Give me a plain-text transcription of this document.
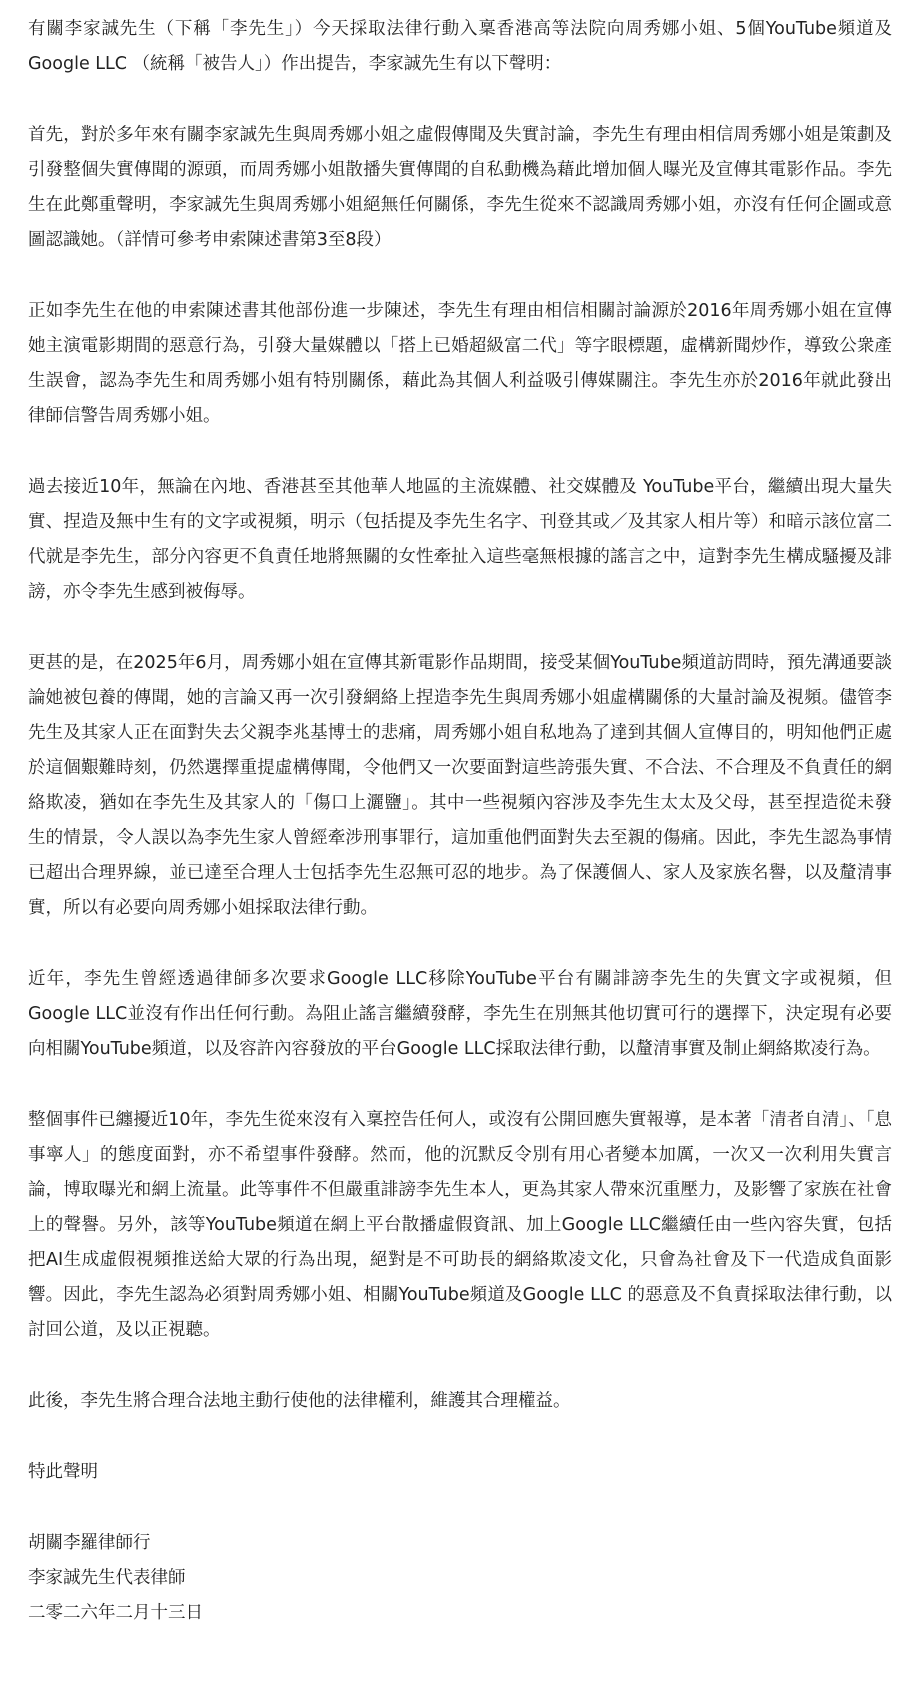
有關李家誠先生（下稱「李先生」）今天採取法律行動入稟香港高等法院向周秀娜小姐、5個YouTube頻道及Google LLC （統稱「被告人」）作出提告，李家誠先生有以下聲明：

首先，對於多年來有關李家誠先生與周秀娜小姐之虛假傳聞及失實討論，李先生有理由相信周秀娜小姐是策劃及引發整個失實傳聞的源頭，而周秀娜小姐散播失實傳聞的自私動機為藉此增加個人曝光及宣傳其電影作品。李先生在此鄭重聲明，李家誠先生與周秀娜小姐絕無任何關係，李先生從來不認識周秀娜小姐，亦沒有任何企圖或意圖認識她。（詳情可參考申索陳述書第3至8段）

正如李先生在他的申索陳述書其他部份進一步陳述，李先生有理由相信相關討論源於2016年周秀娜小姐在宣傳她主演電影期間的惡意行為，引發大量媒體以「搭上已婚超級富二代」等字眼標題，虛構新聞炒作，導致公衆產生誤會，認為李先生和周秀娜小姐有特別關係，藉此為其個人利益吸引傳媒關注。李先生亦於2016年就此發出律師信警告周秀娜小姐。

過去接近10年，無論在內地、香港甚至其他華人地區的主流媒體、社交媒體及 YouTube平台，繼續出現大量失實、捏造及無中生有的文字或視頻，明示（包括提及李先生名字、刊登其或／及其家人相片等）和暗示該位富二代就是李先生，部分內容更不負責任地將無關的女性牽扯入這些毫無根據的謠言之中，這對李先生構成騷擾及誹謗，亦令李先生感到被侮辱。

更甚的是，在2025年6月，周秀娜小姐在宣傳其新電影作品期間，接受某個YouTube頻道訪問時，預先溝通要談論她被包養的傳聞，她的言論又再一次引發網絡上捏造李先生與周秀娜小姐虛構關係的大量討論及視頻。儘管李先生及其家人正在面對失去父親李兆基博士的悲痛，周秀娜小姐自私地為了達到其個人宣傳目的，明知他們正處於這個艱難時刻，仍然選擇重提虛構傳聞，令他們又一次要面對這些誇張失實、不合法、不合理及不負責任的網絡欺凌，猶如在李先生及其家人的「傷口上灑鹽」。其中一些視頻內容涉及李先生太太及父母，甚至捏造從未發生的情景，令人誤以為李先生家人曾經牽涉刑事罪行，這加重他們面對失去至親的傷痛。因此，李先生認為事情已超出合理界線，並已達至合理人士包括李先生忍無可忍的地步。為了保護個人、家人及家族名譽，以及釐清事實，所以有必要向周秀娜小姐採取法律行動。

近年，李先生曾經透過律師多次要求Google LLC移除YouTube平台有關誹謗李先生的失實文字或視頻，但Google LLC並沒有作出任何行動。為阻止謠言繼續發酵，李先生在別無其他切實可行的選擇下，決定現有必要向相關YouTube頻道，以及容許內容發放的平台Google LLC採取法律行動，以釐清事實及制止網絡欺凌行為。

整個事件已纏擾近10年，李先生從來沒有入稟控告任何人，或沒有公開回應失實報導，是本著「清者自清」、「息事寧人」的態度面對，亦不希望事件發酵。然而，他的沉默反令別有用心者變本加厲，一次又一次利用失實言論，博取曝光和網上流量。此等事件不但嚴重誹謗李先生本人，更為其家人帶來沉重壓力，及影響了家族在社會上的聲譽。另外，該等YouTube頻道在網上平台散播虛假資訊、加上Google LLC繼續任由一些內容失實，包括把AI生成虛假視頻推送給大眾的行為出現，絕對是不可助長的網絡欺凌文化，只會為社會及下一代造成負面影響。因此，李先生認為必須對周秀娜小姐、相關YouTube頻道及Google LLC 的惡意及不負責採取法律行動，以討回公道，及以正視聽。

此後，李先生將合理合法地主動行使他的法律權利，維護其合理權益。

特此聲明

胡關李羅律師行
李家誠先生代表律師
二零二六年二月十三日
